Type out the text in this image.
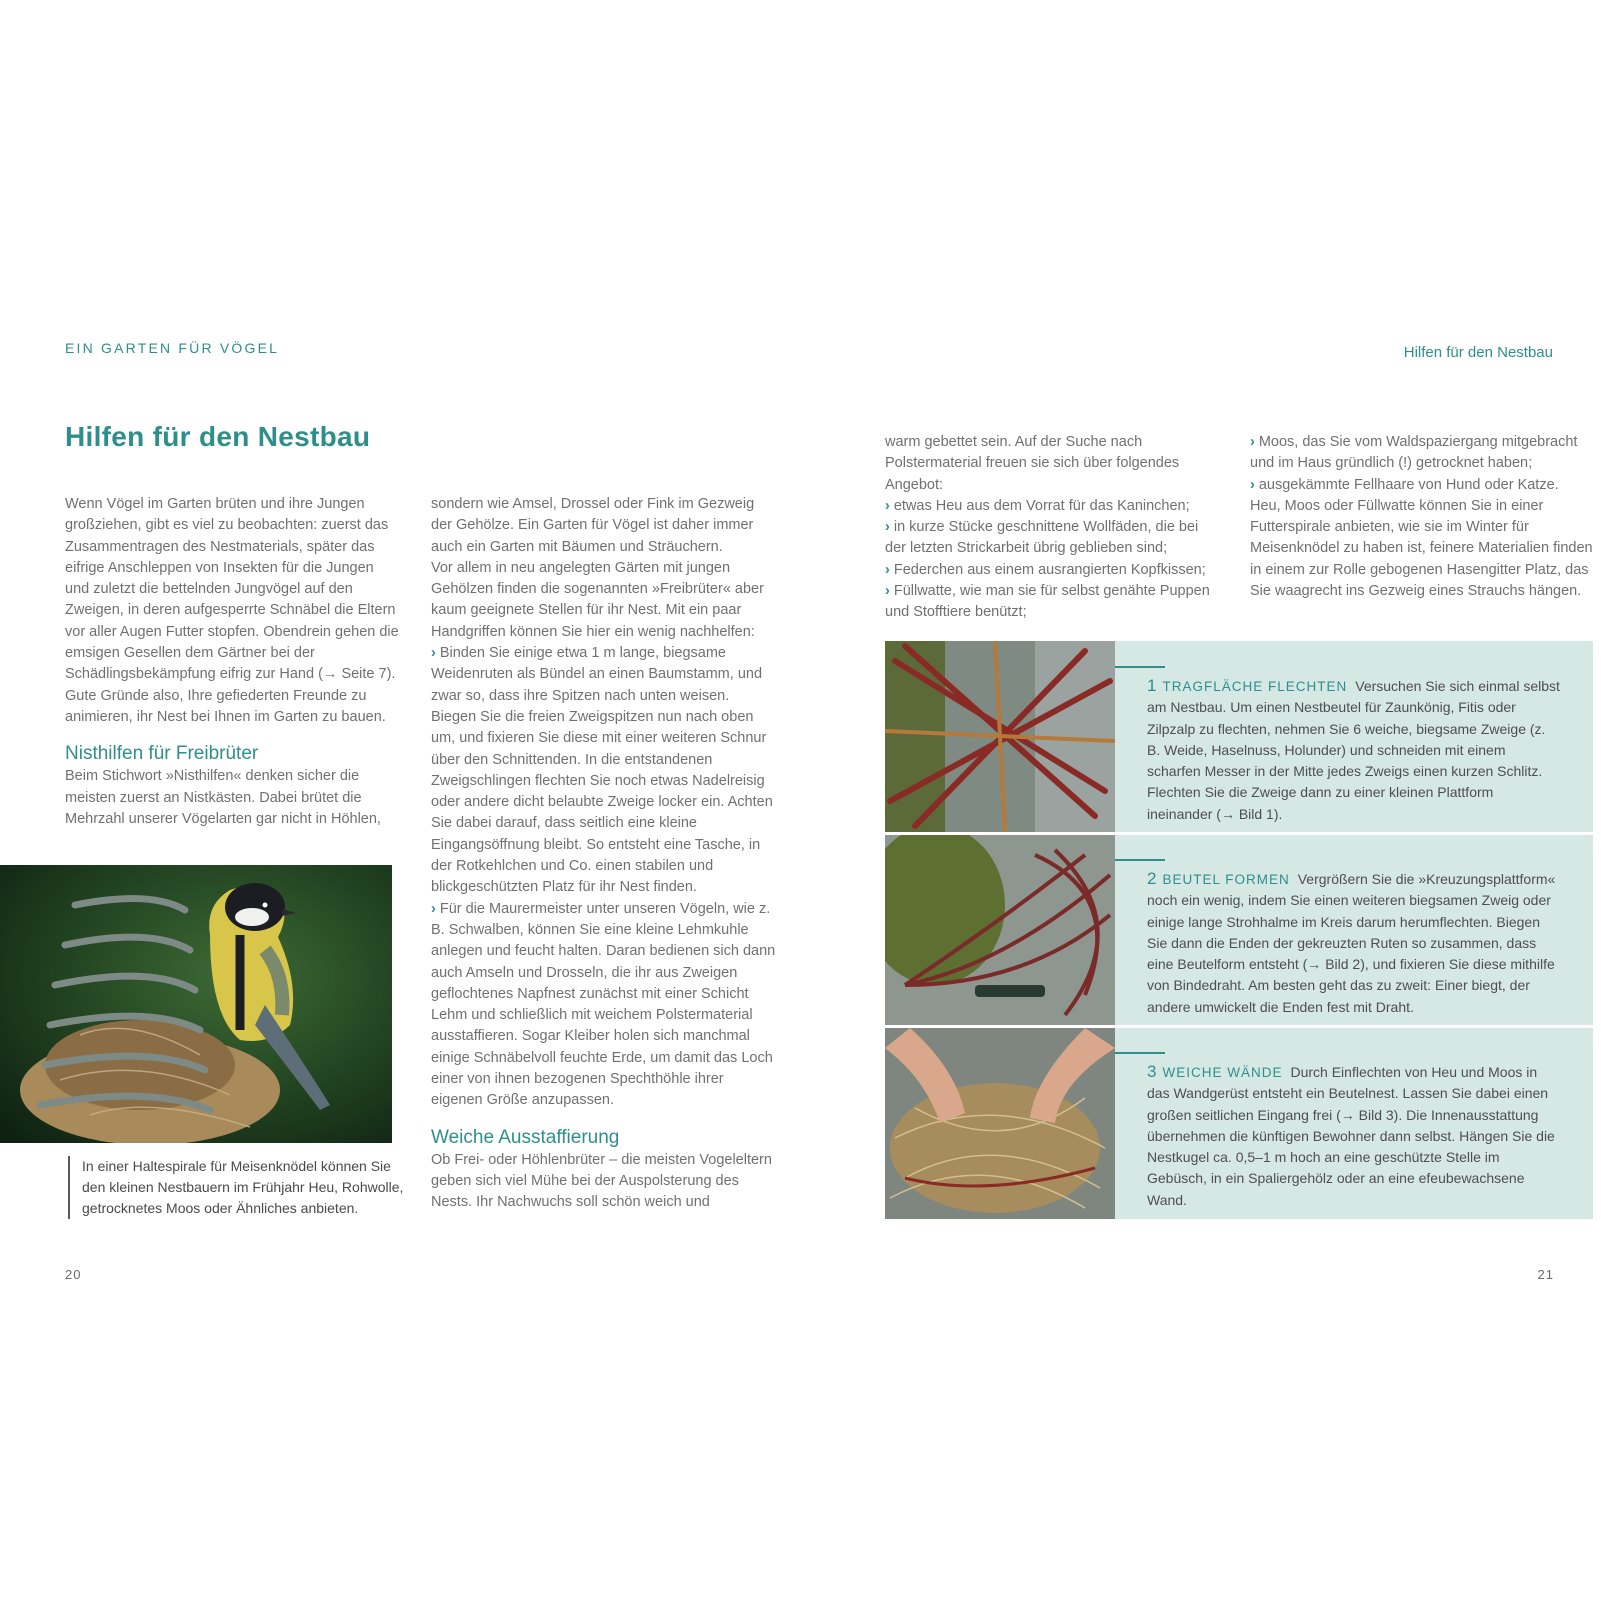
EIN GARTEN FÜR VÖGEL	Hilfen für den Nestbau
Hilfen für den Nestbau

Wenn Vögel im Garten brüten und ihre Jungen großziehen, gibt es viel zu beobachten: zuerst das Zusammentragen des Nestmaterials, später das eifrige Anschleppen von Insekten für die Jungen und zuletzt die bettelnden Jungvögel auf den Zweigen, in deren aufgesperrte Schnäbel die Eltern vor aller Augen Futter stopfen. Obendrein gehen die emsigen Gesellen dem Gärtner bei der Schädlingsbekämpfung eifrig zur Hand (→ Seite 7). Gute Gründe also, Ihre gefiederten Freunde zu animieren, ihr Nest bei Ihnen im Garten zu bauen.

Nisthilfen für Freibrüter

Beim Stichwort »Nisthilfen« denken sicher die meisten zuerst an Nistkästen. Dabei brütet die Mehrzahl unserer Vögelarten gar nicht in Höhlen,

In einer Haltespirale für Meisenknödel können Sie den kleinen Nestbauern im Frühjahr Heu, Rohwolle, getrocknetes Moos oder Ähnliches anbieten.

sondern wie Amsel, Drossel oder Fink im Gezweig der Gehölze. Ein Garten für Vögel ist daher immer auch ein Garten mit Bäumen und Sträuchern.

Vor allem in neu angelegten Gärten mit jungen Gehölzen finden die sogenannten »Freibrüter« aber kaum geeignete Stellen für ihr Nest. Mit ein paar Handgriffen können Sie hier ein wenig nachhelfen:

› Binden Sie einige etwa 1 m lange, biegsame Weidenruten als Bündel an einen Baumstamm, und zwar so, dass ihre Spitzen nach unten weisen. Biegen Sie die freien Zweigspitzen nun nach oben um, und fixieren Sie diese mit einer weiteren Schnur über den Schnittenden. In die entstandenen Zweigschlingen flechten Sie noch etwas Nadelreisig oder andere dicht belaubte Zweige locker ein. Achten Sie dabei darauf, dass seitlich eine kleine Eingangsöffnung bleibt. So entsteht eine Tasche, in der Rotkehlchen und Co. einen stabilen und blickgeschützten Platz für ihr Nest finden.

› Für die Maurermeister unter unseren Vögeln, wie z. B. Schwalben, können Sie eine kleine Lehmkuhle anlegen und feucht halten. Daran bedienen sich dann auch Amseln und Drosseln, die ihr aus Zweigen geflochtenes Napfnest zunächst mit einer Schicht Lehm und schließlich mit weichem Polstermaterial ausstaffieren. Sogar Kleiber holen sich manchmal einige Schnäbelvoll feuchte Erde, um damit das Loch einer von ihnen bezogenen Spechthöhle ihrer eigenen Größe anzupassen.

Weiche Ausstaffierung

Ob Frei- oder Höhlenbrüter – die meisten Vogeleltern geben sich viel Mühe bei der Auspolsterung des Nests. Ihr Nachwuchs soll schön weich und

warm gebettet sein. Auf der Suche nach Polstermaterial freuen sie sich über folgendes Angebot:

› etwas Heu aus dem Vorrat für das Kaninchen;

› in kurze Stücke geschnittene Wollfäden, die bei der letzten Strickarbeit übrig geblieben sind;

› Federchen aus einem ausrangierten Kopfkissen;

› Füllwatte, wie man sie für selbst genähte Puppen und Stofftiere benützt;

› Moos, das Sie vom Waldspaziergang mitgebracht und im Haus gründlich (!) getrocknet haben;

› ausgekämmte Fellhaare von Hund oder Katze.

Heu, Moos oder Füllwatte können Sie in einer Futterspirale anbieten, wie sie im Winter für Meisenknödel zu haben ist, feinere Materialien finden in einem zur Rolle gebogenen Hasengitter Platz, das Sie waagrecht ins Gezweig eines Strauchs hängen.

1 TRAGFLÄCHE FLECHTEN Versuchen Sie sich einmal selbst am Nestbau. Um einen Nestbeutel für Zaunkönig, Fitis oder Zilpzalp zu flechten, nehmen Sie 6 weiche, biegsame Zweige (z. B. Weide, Haselnuss, Holunder) und schneiden mit einem scharfen Messer in der Mitte jedes Zweigs einen kurzen Schlitz. Flechten Sie die Zweige dann zu einer kleinen Plattform ineinander (→ Bild 1).
2 BEUTEL FORMEN Vergrößern Sie die »Kreuzungsplattform« noch ein wenig, indem Sie einen weiteren biegsamen Zweig oder einige lange Strohhalme im Kreis darum herumflechten. Biegen Sie dann die Enden der gekreuzten Ruten so zusammen, dass eine Beutelform entsteht (→ Bild 2), und fixieren Sie diese mithilfe von Bindedraht. Am besten geht das zu zweit: Einer biegt, der andere umwickelt die Enden fest mit Draht.
3 WEICHE WÄNDE Durch Einflechten von Heu und Moos in das Wandgerüst entsteht ein Beutelnest. Lassen Sie dabei einen großen seitlichen Eingang frei (→ Bild 3). Die Innenausstattung übernehmen die künftigen Bewohner dann selbst. Hängen Sie die Nestkugel ca. 0,5–1 m hoch an eine geschützte Stelle im Gebüsch, in ein Spaliergehölz oder an eine efeubewachsene Wand.
20	21
